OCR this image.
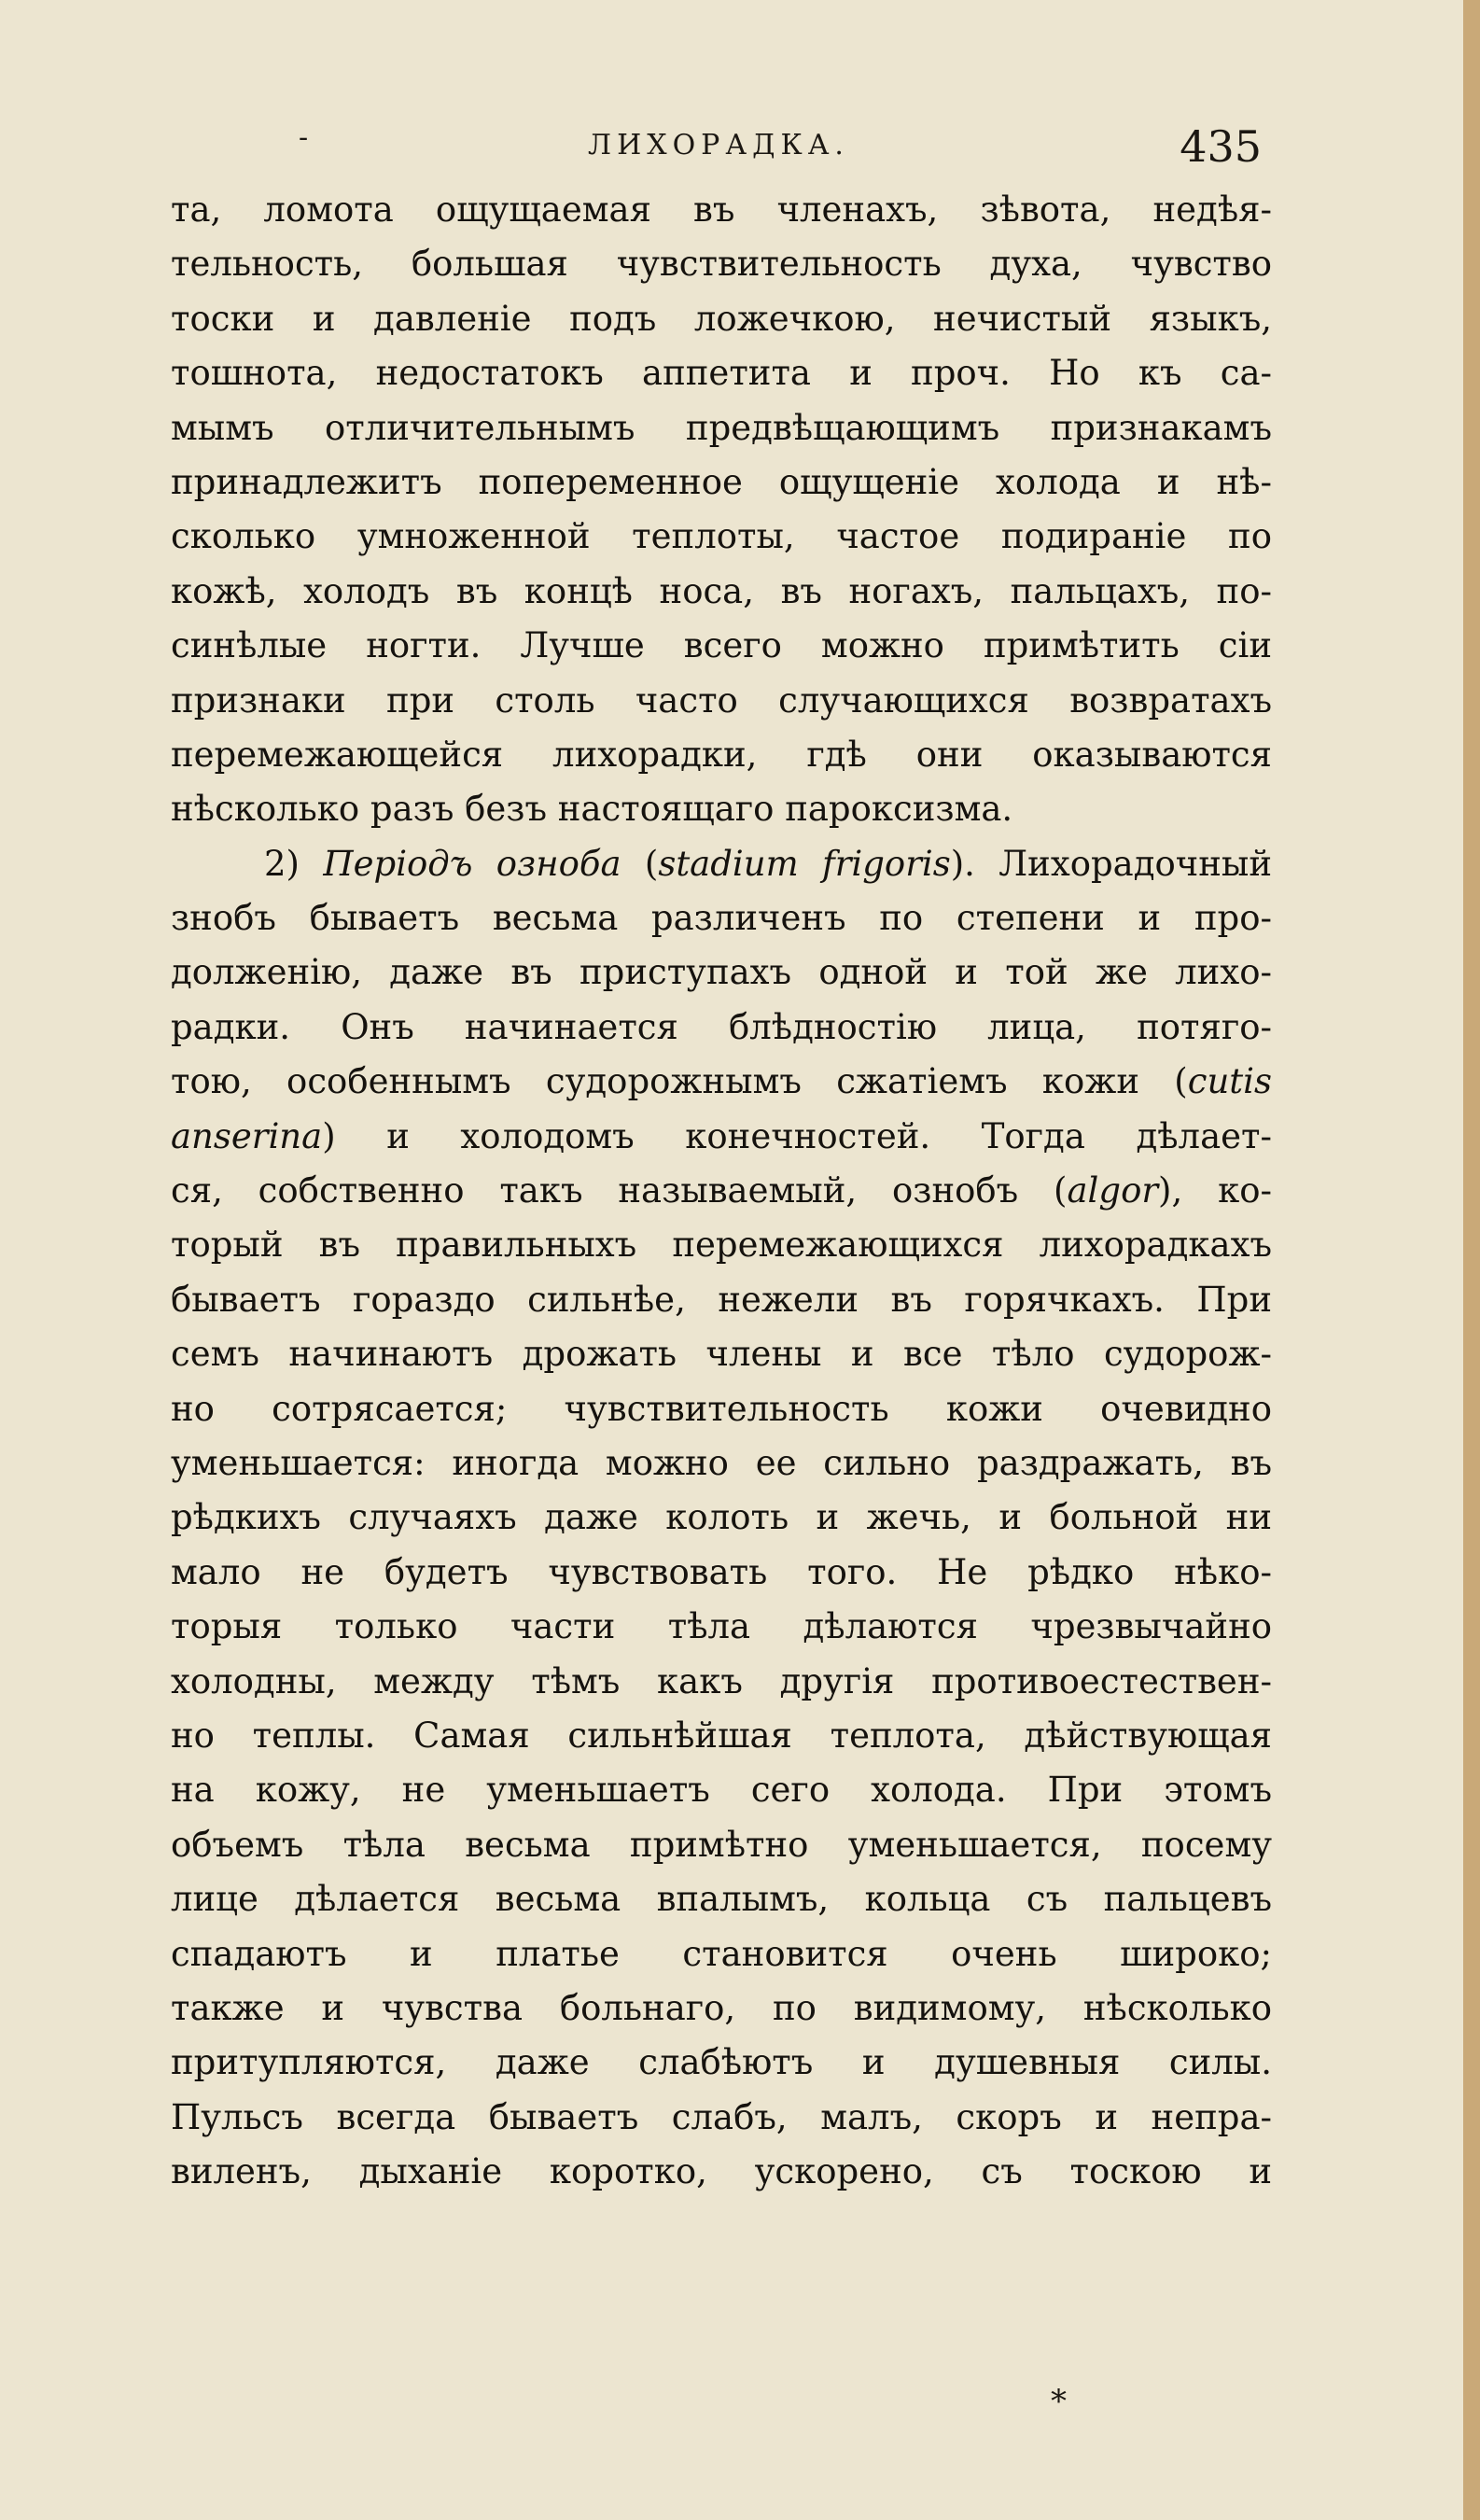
-	ЛИХОРАДКА.	435
та, ломота ощущаемая въ членахъ, зѣвота, недѣя-
тельность, большая чувствительность духа, чувство
тоски и давленіе подъ ложечкою, нечистый языкъ,
тошнота, недостатокъ аппетита и проч. Но къ са-
мымъ отличительнымъ предвѣщающимъ признакамъ
принадлежитъ попеременное ощущеніе холода и нѣ-
сколько умноженной теплоты, частое подираніе по
кожѣ, холодъ въ концѣ носа, въ ногахъ, пальцахъ, по-
синѣлые ногти. Лучше всего можно примѣтить сіи
признаки при столь часто случающихся возвратахъ
перемежающейся лихорадки, гдѣ они оказываются
нѣсколько разъ безъ настоящаго пароксизма.
2) Періодъ озноба (stadium frigoris). Лихорадочный
знобъ бываетъ весьма различенъ по степени и про-
долженію, даже въ приступахъ одной и той же лихо-
радки. Онъ начинается блѣдностію лица, потяго-
тою, особеннымъ судорожнымъ сжатіемъ кожи (cutis
anserina) и холодомъ конечностей. Тогда дѣлает-
ся, собственно такъ называемый, ознобъ (algor), ко-
торый въ правильныхъ перемежающихся лихорадкахъ
бываетъ гораздо сильнѣе, нежели въ горячкахъ. При
семъ начинаютъ дрожать члены и все тѣло судорож-
но сотрясается; чувствительность кожи очевидно
уменьшается: иногда можно ее сильно раздражать, въ
рѣдкихъ случаяхъ даже колоть и жечь, и больной ни
мало не будетъ чувствовать того. Не рѣдко нѣко-
торыя только части тѣла дѣлаются чрезвычайно
холодны, между тѣмъ какъ другія противоестествен-
но теплы. Самая сильнѣйшая теплота, дѣйствующая
на кожу, не уменьшаетъ сего холода. При этомъ
объемъ тѣла весьма примѣтно уменьшается, посему
лице дѣлается весьма впалымъ, кольца съ пальцевъ
спадаютъ и платье становится очень широко;
также и чувства больнаго, по видимому, нѣсколько
притупляются, даже слабѣютъ и душевныя силы.
Пульсъ всегда бываетъ слабъ, малъ, скоръ и непра-
виленъ, дыханіе коротко, ускорено, съ тоскою и
*
